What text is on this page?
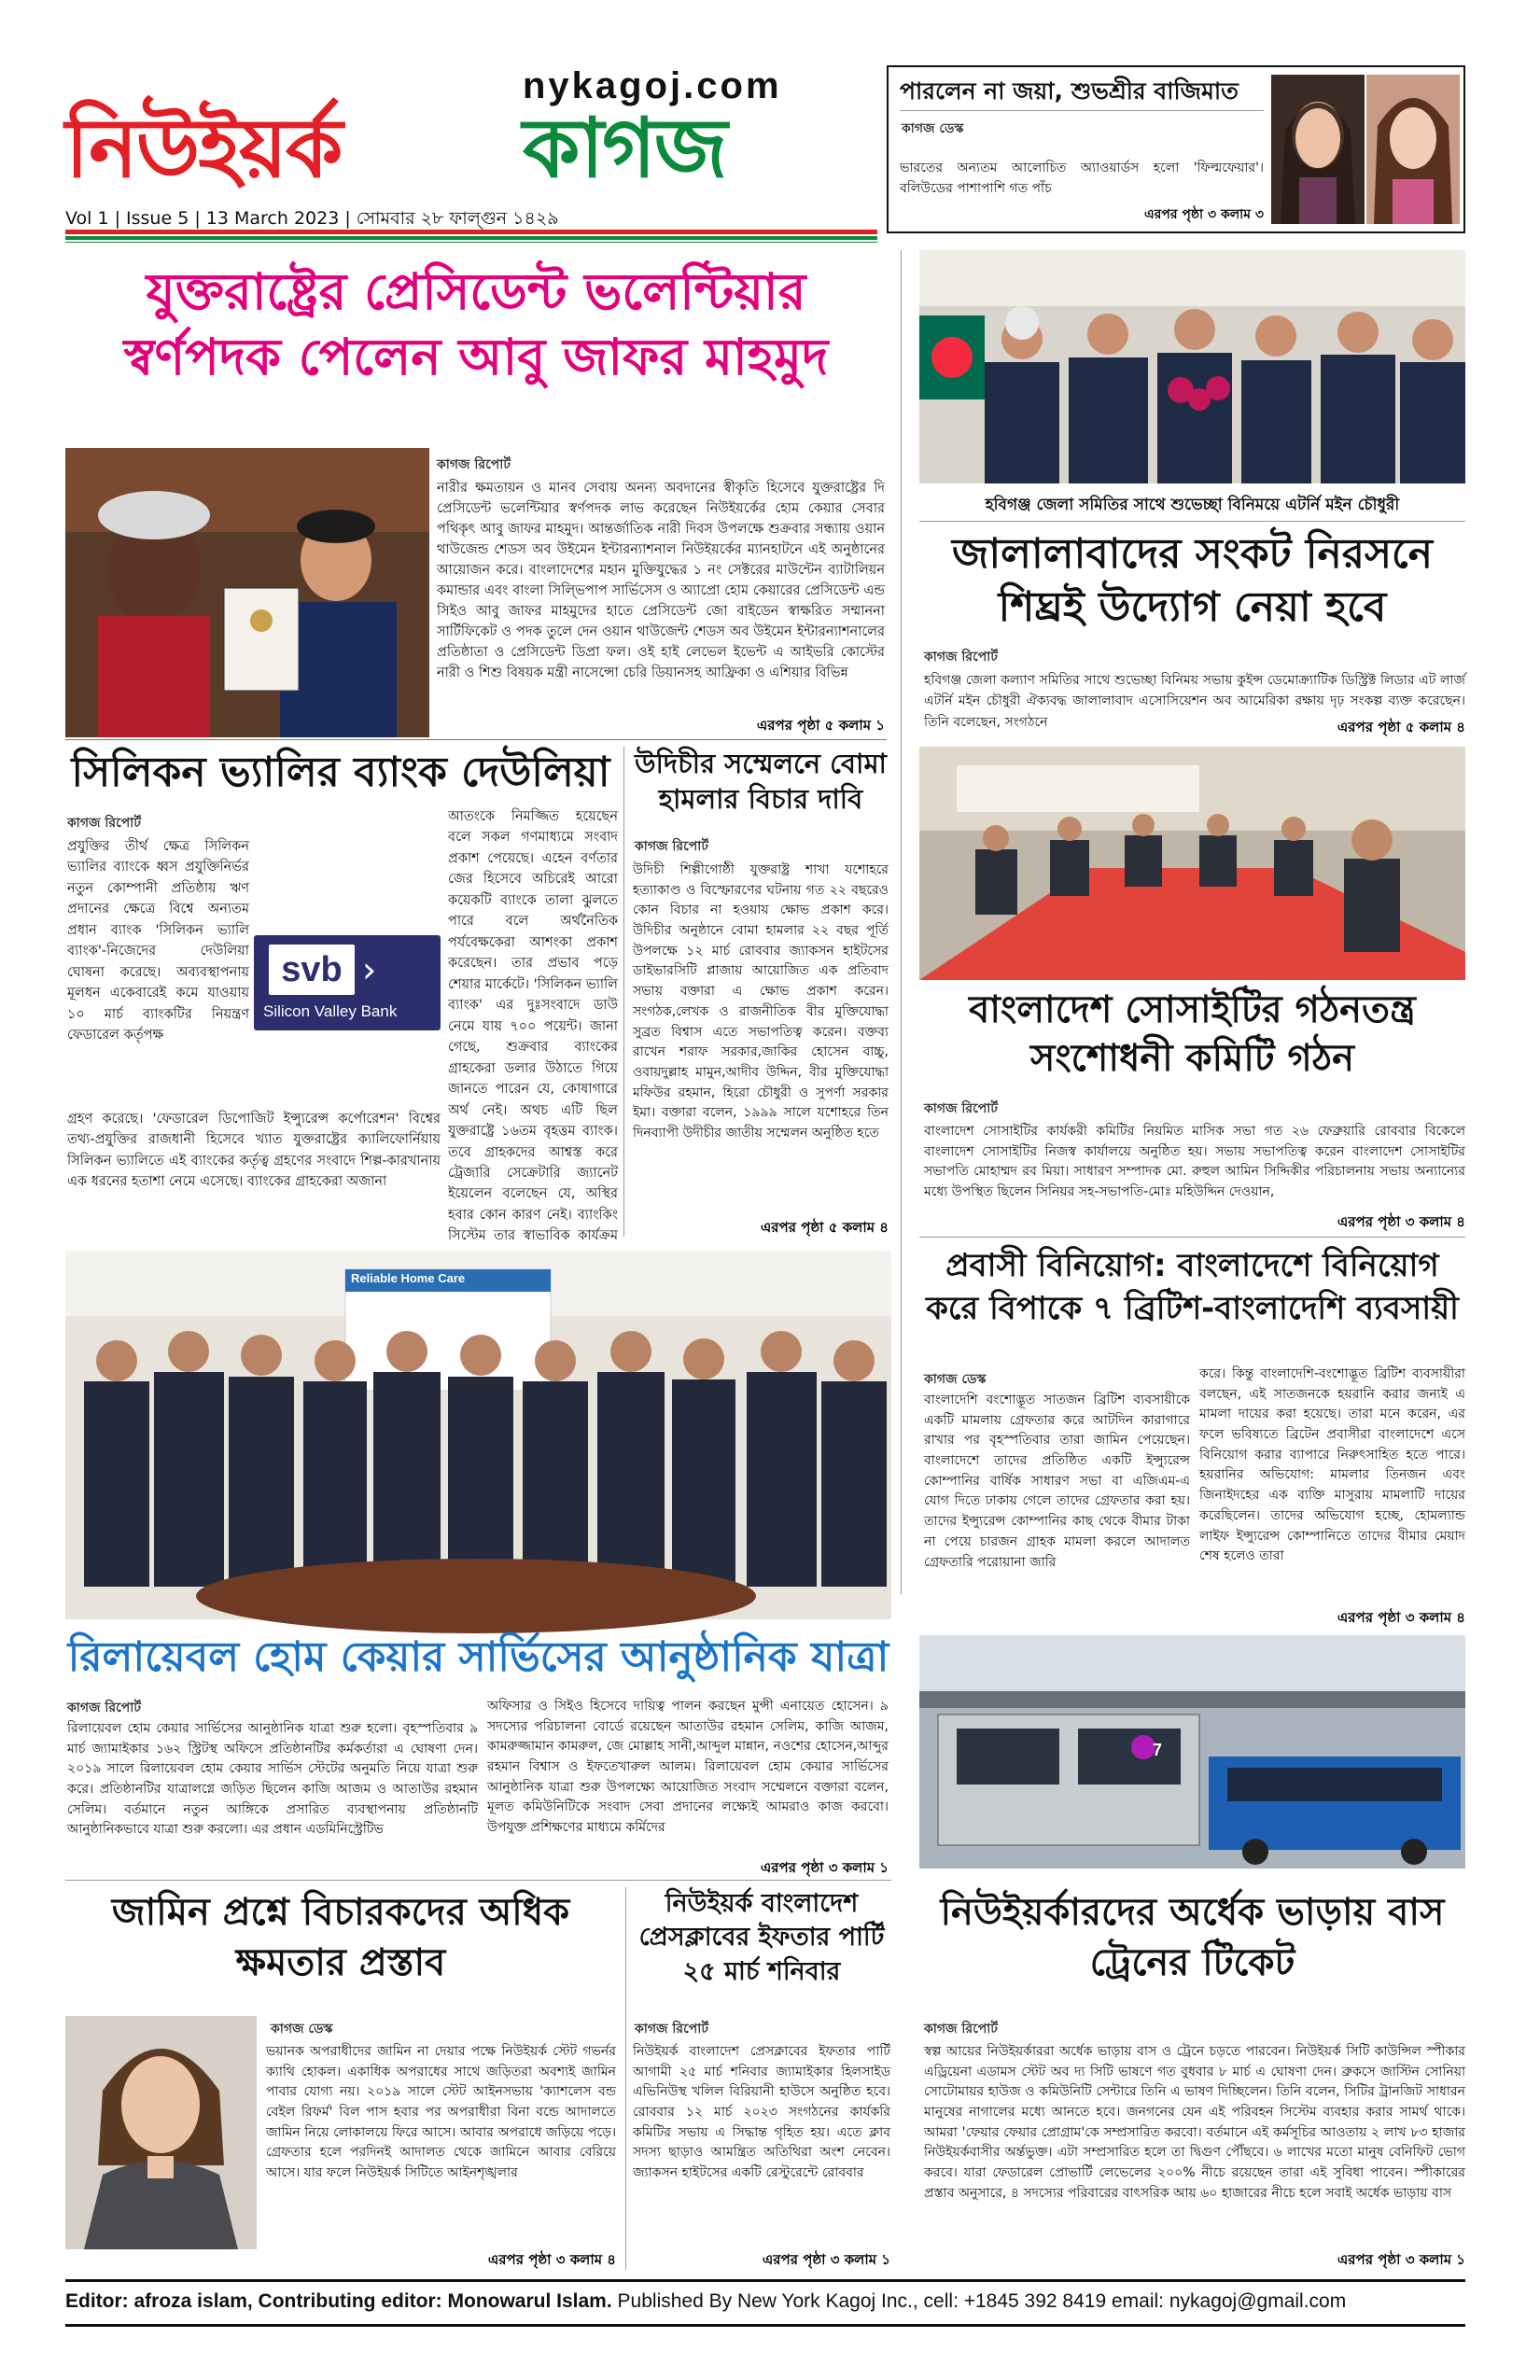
nykagoj.com
নিউইয়র্ক কাগজ
Vol 1 | Issue 5 | 13 March 2023 | সোমবার ২৮ ফাল্গুন ১৪২৯
পারলেন না জয়া, শুভশ্রীর বাজিমাত
কাগজ ডেস্ক
ভারতের অন্যতম আলোচিত অ্যাওয়ার্ডস হলো 'ফিল্মফেয়ার'। বলিউডের পাশাপাশি গত পাঁচ
এরপর পৃষ্ঠা ৩ কলাম ৩
যুক্তরাষ্ট্রের প্রেসিডেন্ট ভলেন্টিয়ার স্বর্ণপদক পেলেন আবু জাফর মাহমুদ
কাগজ রিপোর্ট
নারীর ক্ষমতায়ন ও মানব সেবায় অনন্য অবদানের স্বীকৃতি হিসেবে যুক্তরাষ্ট্রের দি প্রেসিডেন্ট ভলেন্টিয়ার স্বর্ণপদক লাভ করেছেন নিউইয়র্কের হোম কেয়ার সেবার পথিকৃৎ আবু জাফর মাহমুদ। আন্তর্জাতিক নারী দিবস উপলক্ষে শুক্রবার সন্ধ্যায় ওয়ান থাউজেন্ড শেডস অব উইমেন ইন্টারন্যাশনাল নিউইয়র্কের ম্যানহাটনে এই অনুষ্ঠানের আয়োজন করে। বাংলাদেশের মহান মুক্তিযুদ্ধের ১ নং সেক্টরের মাউন্টেন ব্যাটালিয়ন কমান্ডার এবং বাংলা সিল্ভিপাপ সার্ভিসেস ও অ্যাপ্রো হোম কেয়ারের প্রেসিডেন্ট এন্ড সিইও আবু জাফর মাহমুদের হাতে প্রেসিডেন্ট জো বাইডেন স্বাক্ষরিত সম্মাননা সার্টিফিকেট ও পদক তুলে দেন ওয়ান থাউজেন্ট শেডস অব উইমেন ইন্টারন্যাশনালের প্রতিষ্ঠাতা ও প্রেসিডেন্ট ডিপ্রা ফল। ওই হাই লেভেল ইভেন্ট এ আইভরি কোস্টের নারী ও শিশু বিষয়ক মন্ত্রী নাসেন্সো চেরি ডিয়ানসহ আফ্রিকা ও এশিয়ার বিভিন্ন
এরপর পৃষ্ঠা ৫ কলাম ১
হবিগঞ্জ জেলা সমিতির সাথে শুভেচ্ছা বিনিময়ে এটর্নি মইন চৌধুরী
জালালাবাদের সংকট নিরসনে শিঘ্রই উদ্যোগ নেয়া হবে
কাগজ রিপোর্ট
হবিগঞ্জ জেলা কল্যাণ সমিতির সাথে শুভেচ্ছা বিনিময় সভায় কুইন্স ডেমোক্র্যাটিক ডিস্ট্রিক্ট লিডার এট লার্জ এটর্নি মইন চৌধুরী ঐক্যবদ্ধ জালালাবাদ এসোসিয়েশন অব আমেরিকা রক্ষায় দৃঢ় সংকল্প ব্যক্ত করেছেন। তিনি বলেছেন, সংগঠনে	এরপর পৃষ্ঠা ৫ কলাম ৪
সিলিকন ভ্যালির ব্যাংক দেউলিয়া
কাগজ রিপোর্ট
প্রযুক্তির তীর্থ ক্ষেত্র সিলিকন ভ্যালির ব্যাংকে ধ্বস প্রযুক্তিনির্ভর নতুন কোম্পানী প্রতিষ্ঠায় ঋণ প্রদানের ক্ষেত্রে বিশ্বে অন্যতম প্রধান ব্যাংক 'সিলিকন ভ্যালি ব্যাংক'-নিজেদের দেউলিয়া ঘোষনা করেছে। অব্যবস্থাপনায় মূলধন একেবারেই কমে যাওয়ায় ১০ মার্চ ব্যাংকটির নিয়ন্ত্রণ ফেডারেল কর্তৃপক্ষ
svb ›
Silicon Valley Bank
গ্রহণ করেছে। 'ফেডারেল ডিপোজিট ইন্স্যুরেন্স কর্পোরেশন' বিশ্বের তথ্য-প্রযুক্তির রাজধানী হিসেবে খ্যাত যুক্তরাষ্ট্রের ক্যালিফোর্নিয়ায় সিলিকন ভ্যালিতে এই ব্যাংকের কর্তৃত্ব গ্রহণের সংবাদে শিল্প-কারখানায় এক ধরনের হতাশা নেমে এসেছে। ব্যাংকের গ্রাহকেরা অজানা
আতংকে নিমজ্জিত হয়েছেন বলে সকল গণমাধ্যমে সংবাদ প্রকাশ পেয়েছে। এহেন বর্ণতার জের হিসেবে অচিরেই আরো কয়েকটি ব্যাংকে তালা ঝুলতে পারে বলে অর্থনৈতিক পর্যবেক্ষকেরা আশংকা প্রকাশ করেছেন। তার প্রভাব পড়ে শেয়ার মার্কেটে। 'সিলিকন ভ্যালি ব্যাংক' এর দুঃসংবাদে ডাউ নেমে যায় ৭০০ পয়েন্ট। জানা গেছে, শুক্রবার ব্যাংকের গ্রাহকেরা ডলার উঠাতে গিয়ে জানতে পারেন যে, কোষাগারে অর্থ নেই। অথচ এটি ছিল যুক্তরাষ্ট্রে ১৬তম বৃহত্তম ব্যাংক। তবে গ্রাহকদের আশ্বস্ত করে ট্রেজারি সেক্রেটারি জ্যানেট ইয়েলেন বলেছেন যে, অস্থির হবার কোন কারণ নেই। ব্যাংকিং সিস্টেম তার স্বাভাবিক কার্যক্রম
উদিচীর সম্মেলনে বোমা হামলার বিচার দাবি
কাগজ রিপোর্ট
উদিচী শিল্পীগোষ্ঠী যুক্তরাষ্ট্র শাখা যশোহরে হত্যাকাণ্ড ও বিস্ফোরণের ঘটনায় গত ২২ বছরেও কোন বিচার না হওয়ায় ক্ষোভ প্রকাশ করে। উদিচীর অনুষ্ঠানে বোমা হামলার ২২ বছর পূর্তি উপলক্ষে ১২ মার্চ রোববার জ্যাকসন হাইটসের ডাইভারসিটি প্লাজায় আয়োজিত এক প্রতিবাদ সভায় বক্তারা এ ক্ষোভ প্রকাশ করেন। সংগঠক,লেখক ও রাজনীতিক বীর মুক্তিযোদ্ধা সুব্রত বিশ্বাস এতে সভাপতিত্ব করেন। বক্তব্য রাখেন শরাফ সরকার,জাকির হোসেন বাচ্চু, ওবায়দুল্লাহ মামুন,আদীব উদ্দিন, বীর মুক্তিযোদ্ধা মফিউর রহমান, হিরো চৌধুরী ও সুপর্ণা সরকার ইমা। বক্তারা বলেন, ১৯৯৯ সালে যশোহরে তিন দিনব্যাপী উদীচীর জাতীয় সম্মেলন অনুষ্ঠিত হতে
এরপর পৃষ্ঠা ৫ কলাম ৪
বাংলাদেশ সোসাইটির গঠনতন্ত্র সংশোধনী কমিটি গঠন
কাগজ রিপোর্ট
বাংলাদেশ সোসাইটির কার্যকরী কমিটির নিয়মিত মাসিক সভা গত ২৬ ফেব্রুয়ারি রোববার বিকেলে বাংলাদেশ সোসাইটির নিজস্ব কার্যালয়ে অনুষ্ঠিত হয়। সভায় সভাপতিত্ব করেন বাংলাদেশ সোসাইটির সভাপতি মোহাম্মদ রব মিয়া। সাধারণ সম্পাদক মো. রুহুল আমিন সিদ্দিকীর পরিচালনায় সভায় অন্যান্যের মধ্যে উপস্থিত ছিলেন সিনিয়র সহ-সভাপতি-মোঃ মহিউদ্দিন দেওয়ান,
এরপর পৃষ্ঠা ৩ কলাম ৪
Reliable Home Care	প্রবাসী বিনিয়োগ: বাংলাদেশে বিনিয়োগ করে বিপাকে ৭ ব্রিটিশ-বাংলাদেশি ব্যবসায়ী
কাগজ ডেস্ক
বাংলাদেশি বংশোদ্ভূত সাতজন ব্রিটিশ ব্যবসায়ীকে একটি মামলায় গ্রেফতার করে আটদিন কারাগারে রাখার পর বৃহস্পতিবার তারা জামিন পেয়েছেন। বাংলাদেশে তাদের প্রতিষ্ঠিত একটি ইন্স্যুরেন্স কোম্পানির বার্ষিক সাধারণ সভা বা এজিএম-এ যোগ দিতে ঢাকায় গেলে তাদের গ্রেফতার করা হয়। তাদের ইন্স্যুরেন্স কোম্পানির কাছ থেকে বীমার টাকা না পেয়ে চারজন গ্রাহক মামলা করলে আদালত গ্রেফতারি পরোয়ানা জারি
করে। কিন্তু বাংলাদেশি-বংশোদ্ভূত ব্রিটিশ ব্যবসায়ীরা বলছেন, এই সাতজনকে হয়রানি করার জন্যই এ মামলা দায়ের করা হয়েছে। তারা মনে করেন, এর ফলে ভবিষ্যতে ব্রিটেন প্রবাসীরা বাংলাদেশে এসে বিনিয়োগ করার ব্যাপারে নিরুৎসাহিত হতে পারে। হয়রানির অভিযোগ: মামলার তিনজন এবং জিনাইদহের এক ব্যক্তি মাসুরায় মামলাটি দায়ের করেছিলেন। তাদের অভিযোগ হচ্ছে, হোমল্যান্ড লাইফ ইন্স্যুরেন্স কোম্পানিতে তাদের বীমার মেয়াদ শেষ হলেও তারা
এরপর পৃষ্ঠা ৩ কলাম ৪
রিলায়েবল হোম কেয়ার সার্ভিসের আনুষ্ঠানিক যাত্রা
কাগজ রিপোর্ট
রিলায়েবল হোম কেয়ার সার্ভিসের আনুষ্ঠানিক যাত্রা শুরু হলো। বৃহস্পতিবার ৯ মার্চ জ্যামাইকার ১৬২ স্ট্রিটস্থ অফিসে প্রতিষ্ঠানটির কর্মকর্তারা এ ঘোষণা দেন। ২০১৯ সালে রিলায়েবল হোম কেয়ার সার্ভিস স্টেটের অনুমতি নিয়ে যাত্রা শুরু করে। প্রতিষ্ঠানটির যাত্রালগ্নে জড়িত ছিলেন কাজি আজম ও আতাউর রহমান সেলিম। বর্তমানে নতুন আঙ্গিকে প্রসারিত ব্যবস্থাপনায় প্রতিষ্ঠানটি আনুষ্ঠানিকভাবে যাত্রা শুরু করলো। এর প্রধান এডমিনিস্ট্রেটিভ
অফিসার ও সিইও হিসেবে দায়িত্ব পালন করছেন মুন্সী এনায়েত হোসেন। ৯ সদস্যের পরিচালনা বোর্ডে রয়েছেন আতাউর রহমান সেলিম, কাজি আজম, কামরুজ্জামান কামরুল, জে মোল্লাহ সানী,আব্দুল মান্নান, নওশের হোসেন,আব্দুর রহমান বিশ্বাস ও ইফতেখারুল আলম। রিলায়েবল হোম কেয়ার সার্ভিসের আনুষ্ঠানিক যাত্রা শুরু উপলক্ষ্যে আয়োজিত সংবাদ সম্মেলনে বক্তারা বলেন, মূলত কমিউনিটিকে সংবাদ সেবা প্রদানের লক্ষ্যেই আমরাও কাজ করবো। উপযুক্ত প্রশিক্ষণের মাধ্যমে কর্মিদের
এরপর পৃষ্ঠা ৩ কলাম ১
7
জামিন প্রশ্নে বিচারকদের অধিক ক্ষমতার প্রস্তাব
কাগজ ডেস্ক
ভয়ানক অপরাধীদের জামিন না দেয়ার পক্ষে নিউইয়র্ক স্টেট গভর্নর ক্যাথি হোকল। একাধিক অপরাধের সাথে জড়িতরা অবশ্যই জামিন পাবার যোগ্য নয়। ২০১৯ সালে স্টেট আইনসভায় 'ক্যাশলেস বন্ড বেইল রিফর্ম' বিল পাস হবার পর অপরাধীরা বিনা বন্ডে আদালতে জামিন নিয়ে লোকালয়ে ফিরে আসে। আবার অপরাধে জড়িয়ে পড়ে। গ্রেফতার হলে পরদিনই আদালত থেকে জামিনে আবার বেরিয়ে আসে। যার ফলে নিউইয়র্ক সিটিতে আইনশৃঙ্খলার
এরপর পৃষ্ঠা ৩ কলাম ৪
নিউইয়র্ক বাংলাদেশ প্রেসক্লাবের ইফতার পার্টি ২৫ মার্চ শনিবার
কাগজ রিপোর্ট
নিউইয়র্ক বাংলাদেশ প্রেসক্লাবের ইফতার পার্টি আগামী ২৫ মার্চ শনিবার জ্যামাইকার হিলসাইড এভিনিউস্থ খলিল বিরিয়ানী হাউসে অনুষ্ঠিত হবে। রোববার ১২ মার্চ ২০২৩ সংগঠনের কার্যকরি কমিটির সভায় এ সিদ্ধান্ত গৃহিত হয়। এতে ক্লাব সদস্য ছাড়াও আমন্ত্রিত অতিথিরা অংশ নেবেন। জ্যাকসন হাইটসের একটি রেস্টুরেন্টে রোববার
এরপর পৃষ্ঠা ৩ কলাম ১
নিউইয়র্কারদের অর্ধেক ভাড়ায় বাস ট্রেনের টিকেট
কাগজ রিপোর্ট
স্বল্প আয়ের নিউইয়র্কাররা অর্ধেক ভাড়ায় বাস ও ট্রেনে চড়তে পারবেন। নিউইয়র্ক সিটি কাউন্সিল স্পীকার এড্রিয়েনা এডামস স্টেট অব দ্য সিটি ভাষণে গত বুধবার ৮ মার্চ এ ঘোষণা দেন। ব্রুকসে জাস্টিন সোনিয়া সোটোমায়র হাউজ ও কমিউনিটি সেন্টারে তিনি এ ভাষণ দিচ্ছিলেন। তিনি বলেন, সিটির ট্রানজিট সাধারন মানুষের নাগালের মধ্যে আনতে হবে। জনগনের যেন এই পরিবহন সিস্টেম ব্যবহার করার সামর্থ থাকে। আমরা 'ফেয়ার ফেয়ার প্রোগ্রাম'কে সম্প্রসারিত করবো। বর্তমানে এই কর্মসূচির আওতায় ২ লাখ ৮৩ হাজার নিউইয়র্কবাসীর অর্ন্তভুক্ত। এটা সম্প্রসারিত হলে তা দ্বিগুণ পৌঁছবে। ৬ লাখের মতো মানুষ বেনিফিট ভোগ করবে। যারা ফেডারেল প্রোভার্টি লেভেলের ২০০% নীচে রয়েছেন তারা এই সুবিধা পাবেন। স্পীকারের প্রস্তাব অনুসারে, ৪ সদস্যের পরিবারের বাৎসরিক আয় ৬০ হাজারের নীচে হলে সবাই অর্ধেক ভাড়ায় বাস
এরপর পৃষ্ঠা ৩ কলাম ১
Editor: afroza islam, Contributing editor: Monowarul Islam. Published By New York Kagoj Inc., cell: +1845 392 8419 email: nykagoj@gmail.com
